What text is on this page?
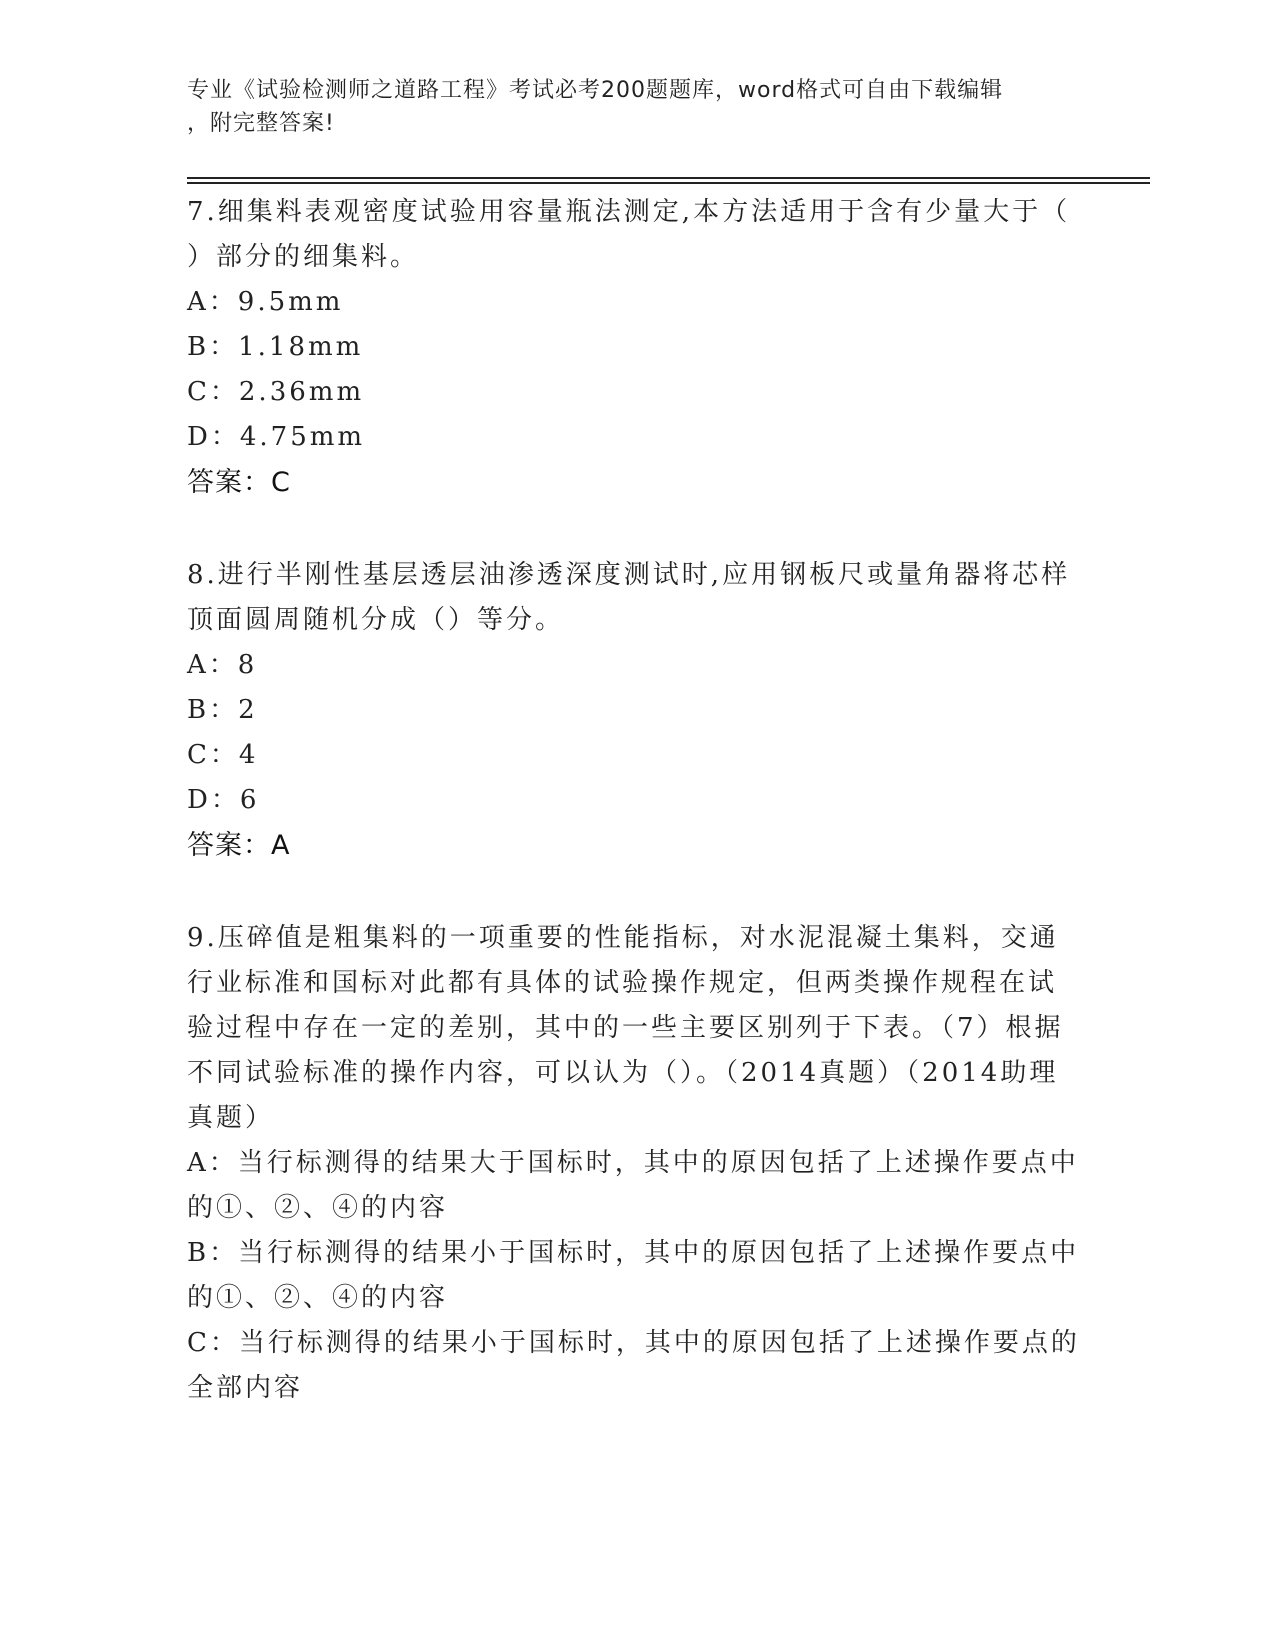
专业《试验检测师之道路工程》考试必考200题题库，word格式可自由下载编辑
，附完整答案!
7.细集料表观密度试验用容量瓶法测定,本方法适用于含有少量大于（
）部分的细集料。
A：9.5mm
B：1.18mm
C：2.36mm
D：4.75mm
答案：C
8.进行半刚性基层透层油渗透深度测试时,应用钢板尺或量角器将芯样
顶面圆周随机分成（）等分。
A：8
B：2
C：4
D：6
答案：A
9.压碎值是粗集料的一项重要的性能指标，对水泥混凝土集料，交通
行业标准和国标对此都有具体的试验操作规定，但两类操作规程在试
验过程中存在一定的差别，其中的一些主要区别列于下表。（7）根据
不同试验标准的操作内容，可以认为（）。（2014真题）（2014助理
真题）
A：当行标测得的结果大于国标时，其中的原因包括了上述操作要点中
的①、②、④的内容
B：当行标测得的结果小于国标时，其中的原因包括了上述操作要点中
的①、②、④的内容
C：当行标测得的结果小于国标时，其中的原因包括了上述操作要点的
全部内容
